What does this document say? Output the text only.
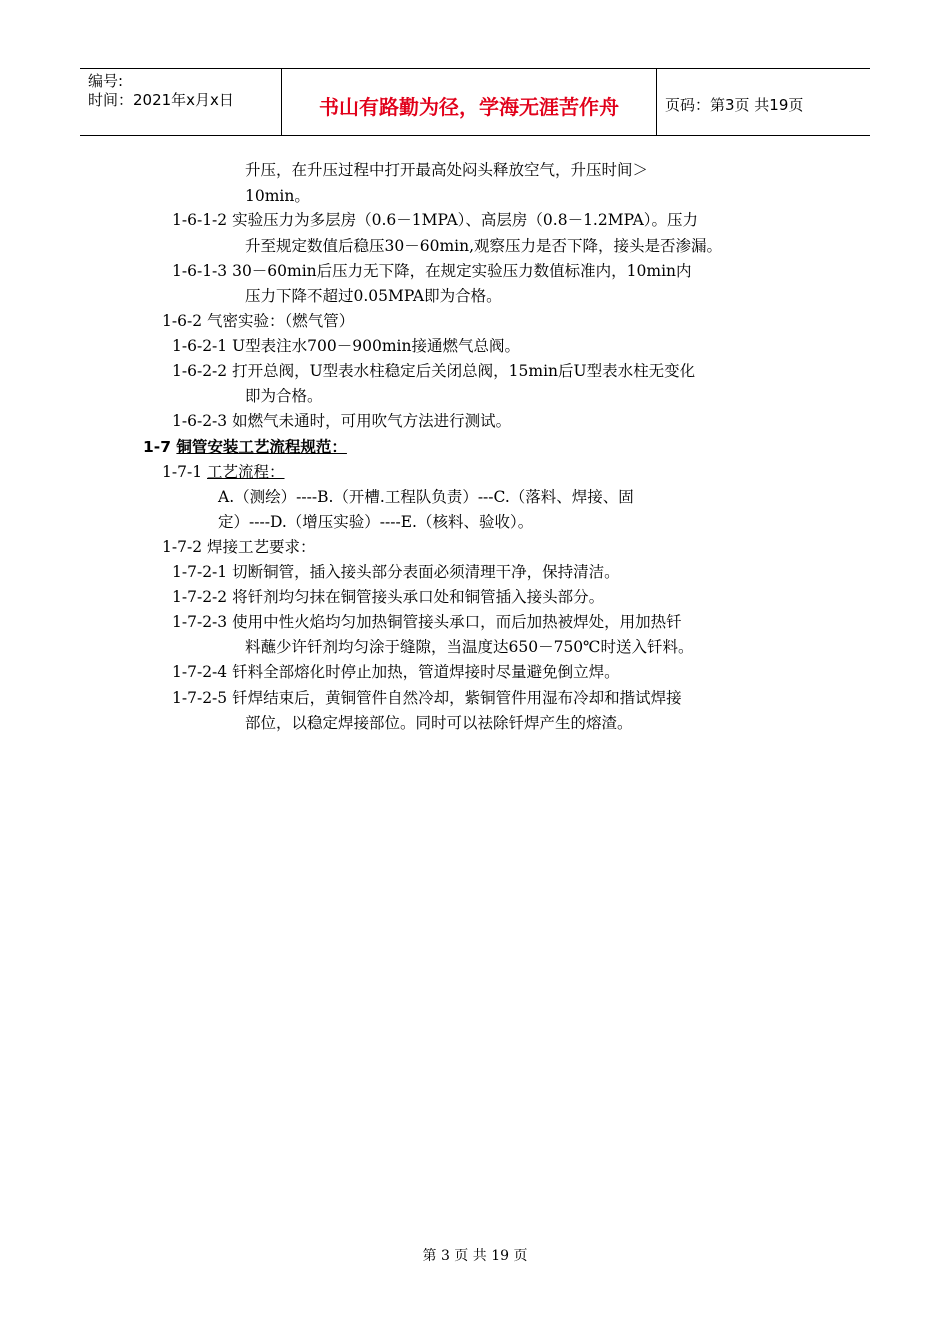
编号:
时间：2021年x月x日	书山有路勤为径，学海无涯苦作舟	页码：第3页 共19页
升压，在升压过程中打开最高处闷头释放空气，升压时间＞
10min。
1-6-1-2 实验压力为多层房（0.6－1MPA）、高层房（0.8－1.2MPA）。压力
升至规定数值后稳压30－60min,观察压力是否下降，接头是否渗漏。
1-6-1-3 30－60min后压力无下降，在规定实验压力数值标准内，10min内
压力下降不超过0.05MPA即为合格。
1-6-2 气密实验：（燃气管）
1-6-2-1 U型表注水700－900min接通燃气总阀。
1-6-2-2 打开总阀，U型表水柱稳定后关闭总阀，15min后U型表水柱无变化
即为合格。
1-6-2-3 如燃气未通时，可用吹气方法进行测试。
1-7 铜管安装工艺流程规范：
1-7-1 工艺流程：
A.（测绘）----B.（开槽.工程队负责）---C.（落料、焊接、固
定）----D.（增压实验）----E.（核料、验收）。
1-7-2 焊接工艺要求：
1-7-2-1 切断铜管，插入接头部分表面必须清理干净，保持清洁。
1-7-2-2 将钎剂均匀抹在铜管接头承口处和铜管插入接头部分。
1-7-2-3 使用中性火焰均匀加热铜管接头承口，而后加热被焊处，用加热钎
料蘸少许钎剂均匀涂于缝隙，当温度达650－750℃时送入钎料。
1-7-2-4 钎料全部熔化时停止加热，管道焊接时尽量避免倒立焊。
1-7-2-5 钎焊结束后，黄铜管件自然冷却，紫铜管件用湿布冷却和揩试焊接
部位，以稳定焊接部位。同时可以祛除钎焊产生的熔渣。
第 3 页 共 19 页
